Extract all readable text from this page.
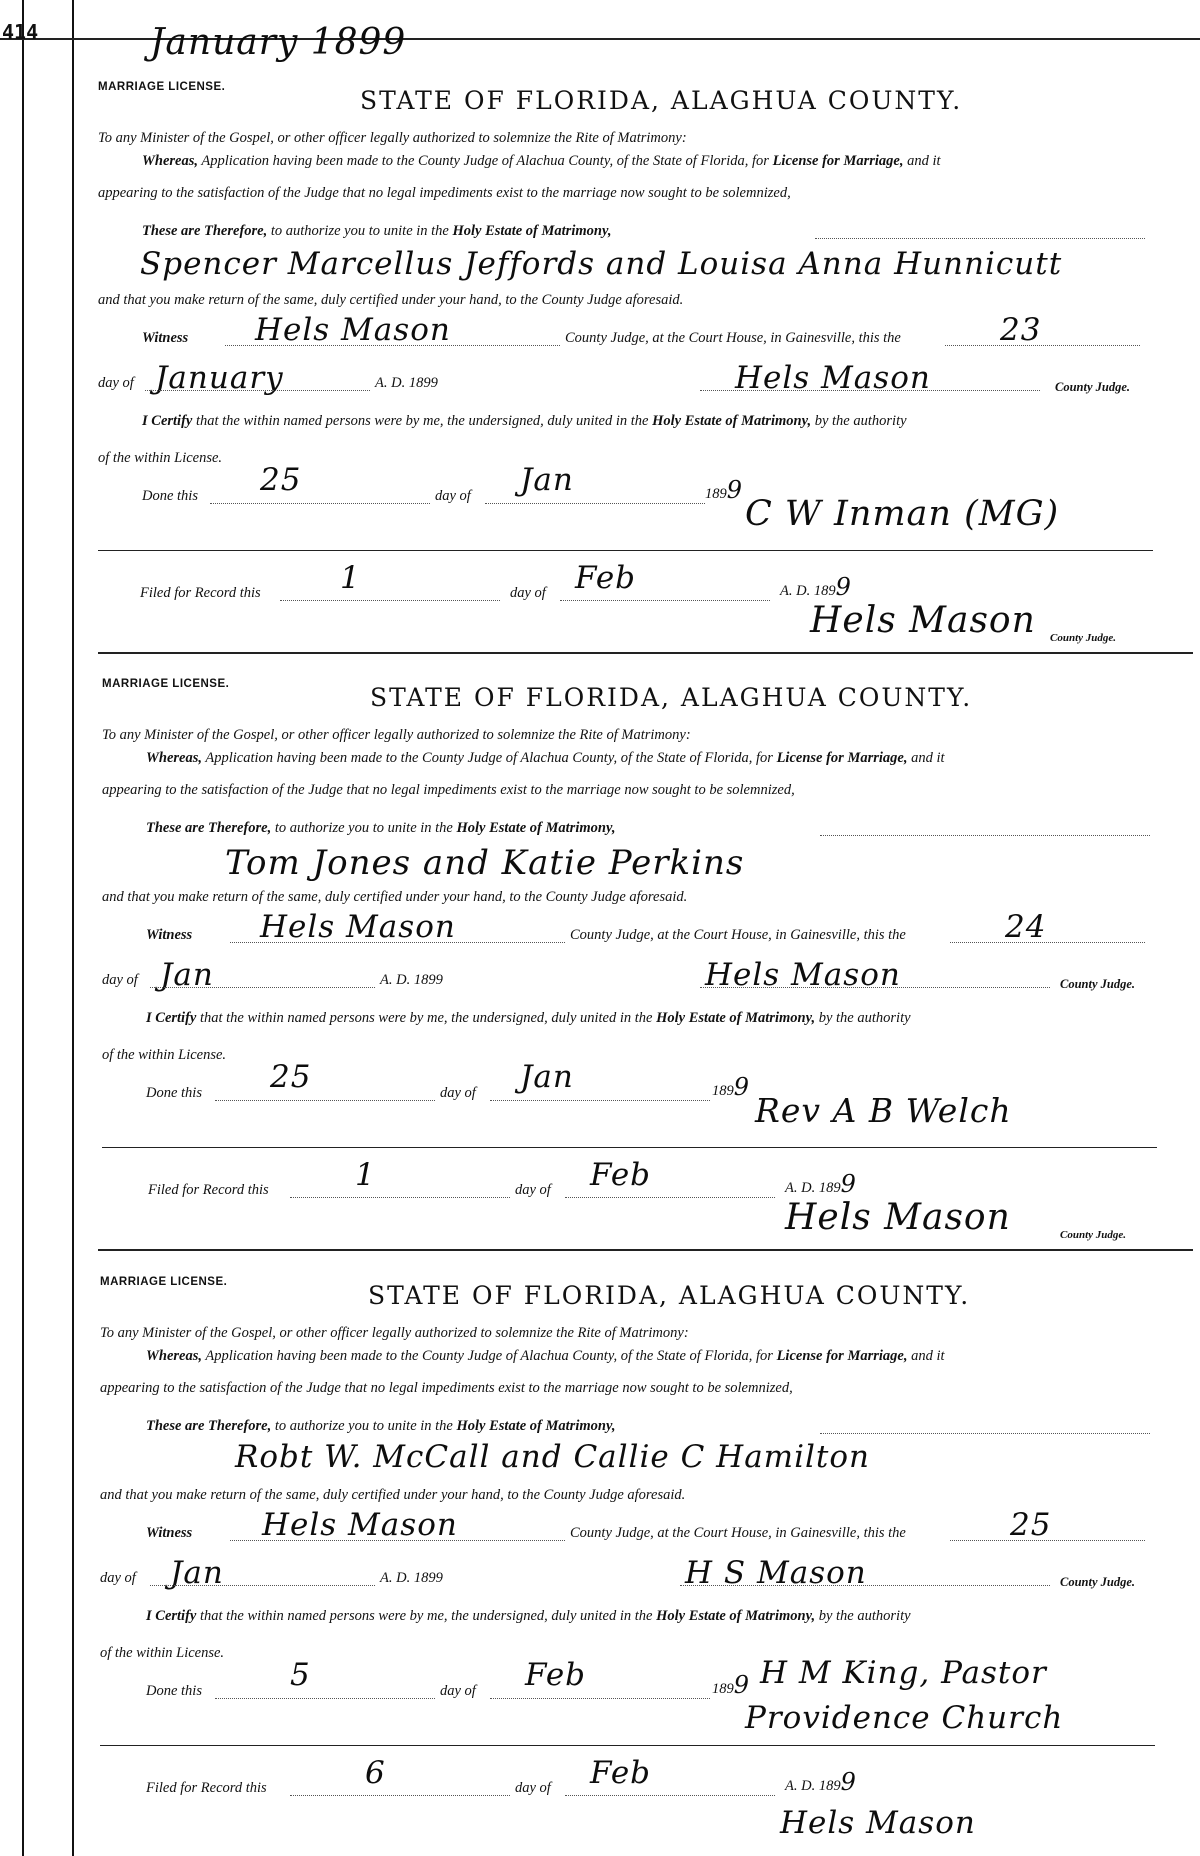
414	January 1899
MARRIAGE LICENSE.	STATE OF FLORIDA, ALAGHUA COUNTY.
To any Minister of the Gospel, or other officer legally authorized to solemnize the Rite of Matrimony:
Whereas, Application having been made to the County Judge of Alachua County, of the State of Florida, for License for Marriage, and it
appearing to the satisfaction of the Judge that no legal impediments exist to the marriage now sought to be solemnized,
These are Therefore, to authorize you to unite in the Holy Estate of Matrimony,
Spencer Marcellus Jeffords and Louisa Anna Hunnicutt
and that you make return of the same, duly certified under your hand, to the County Judge aforesaid.
Witness Hels Mason	County Judge, at the Court House, in Gainesville, this the	23
day of January	A. D. 1899	Hels Mason	County Judge.
I Certify that the within named persons were by me, the undersigned, duly united in the Holy Estate of Matrimony, by the authority
of the within License.
Done this 25	day of Jan	1899
C W Inman (MG)
Filed for Record this	1	day of Feb	A. D. 1899
Hels Mason County Judge.
MARRIAGE LICENSE.	STATE OF FLORIDA, ALAGHUA COUNTY.
To any Minister of the Gospel, or other officer legally authorized to solemnize the Rite of Matrimony:
Whereas, Application having been made to the County Judge of Alachua County, of the State of Florida, for License for Marriage, and it
appearing to the satisfaction of the Judge that no legal impediments exist to the marriage now sought to be solemnized,
These are Therefore, to authorize you to unite in the Holy Estate of Matrimony,
Tom Jones and Katie Perkins
and that you make return of the same, duly certified under your hand, to the County Judge aforesaid.
Witness Hels Mason	County Judge, at the Court House, in Gainesville, this the	24
day of Jan	A. D. 1899	Hels Mason	County Judge.
I Certify that the within named persons were by me, the undersigned, duly united in the Holy Estate of Matrimony, by the authority
of the within License.
Done this 25	day of Jan	1899
Rev A B Welch
Filed for Record this	1	day of Feb	A. D. 1899
Hels Mason	County Judge.
MARRIAGE LICENSE.	STATE OF FLORIDA, ALAGHUA COUNTY.
To any Minister of the Gospel, or other officer legally authorized to solemnize the Rite of Matrimony:
Whereas, Application having been made to the County Judge of Alachua County, of the State of Florida, for License for Marriage, and it
appearing to the satisfaction of the Judge that no legal impediments exist to the marriage now sought to be solemnized,
These are Therefore, to authorize you to unite in the Holy Estate of Matrimony,
Robt W. McCall and Callie C Hamilton
and that you make return of the same, duly certified under your hand, to the County Judge aforesaid.
Witness Hels Mason	County Judge, at the Court House, in Gainesville, this the	25
day of Jan	A. D. 1899	H S Mason	County Judge.
I Certify that the within named persons were by me, the undersigned, duly united in the Holy Estate of Matrimony, by the authority
of the within License.
Done this	5	day of Feb	1899 H M King, Pastor
Providence Church
Filed for Record this	6	day of Feb	A. D. 1899
Hels Mason
